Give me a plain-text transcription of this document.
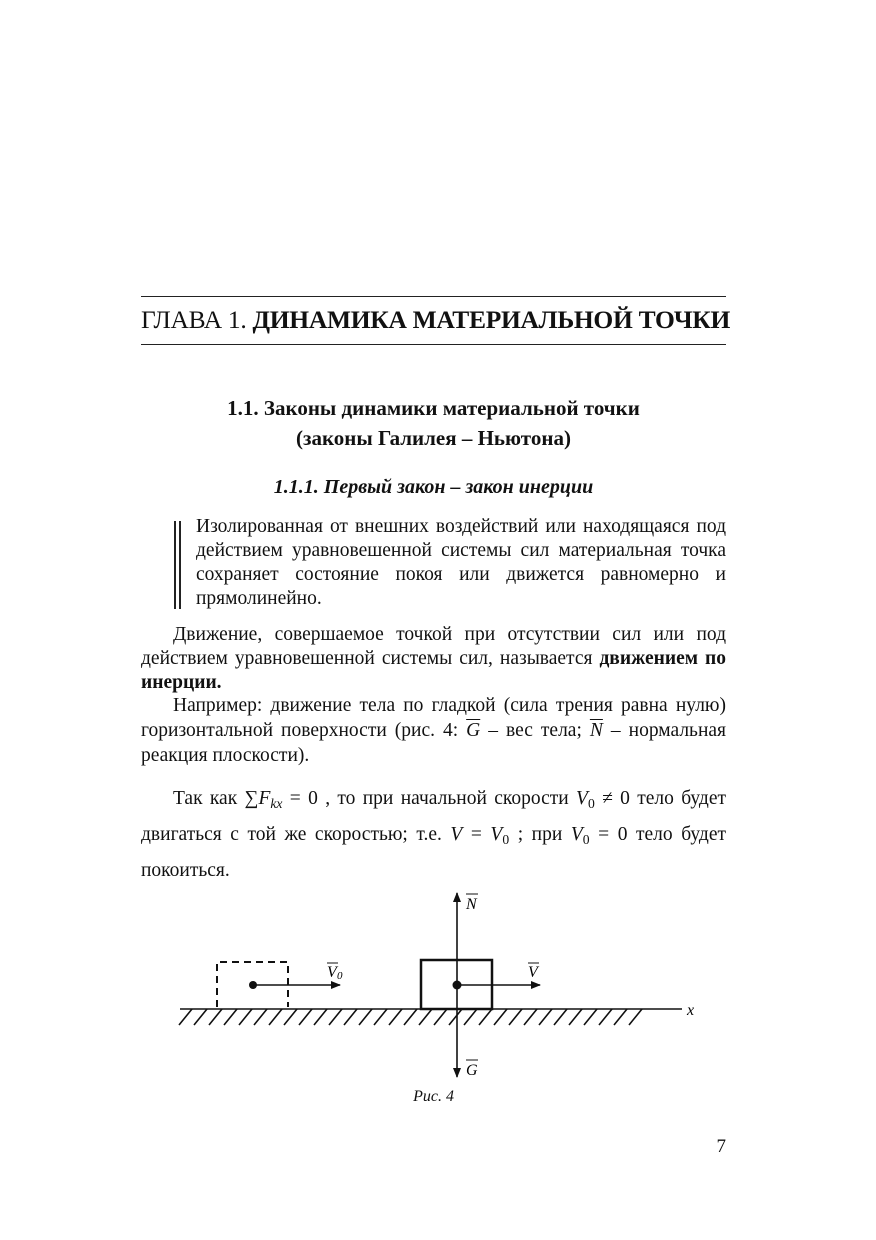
ГЛАВА 1. ДИНАМИКА МАТЕРИАЛЬНОЙ ТОЧКИ
1.1. Законы динамики материальной точки
(законы Галилея – Ньютона)
1.1.1. Первый закон – закон инерции
Изолированная от внешних воздействий или находящаяся под действием уравновешенной системы сил материальная точка сохраняет состояние покоя или движется равномерно и прямолинейно.
Движение, совершаемое точкой при отсутствии сил или под действием уравновешенной системы сил, называется движением по инерции.
Например: движение тела по гладкой (сила трения равна нулю) горизонтальной поверхности (рис. 4: $\overline{G}$ – вес тела; $\overline{N}$ – нормальная реакция плоскости).
Так как $\sum F_{kx} = 0$ , то при начальной скорости $V_0 \ne 0$ тело будет двигаться с той же скоростью; т.е. $V = V_0$ ; при $V_0 = 0$ тело будет покоиться.
Рис. 4
7
N
G
V 0	V
x
